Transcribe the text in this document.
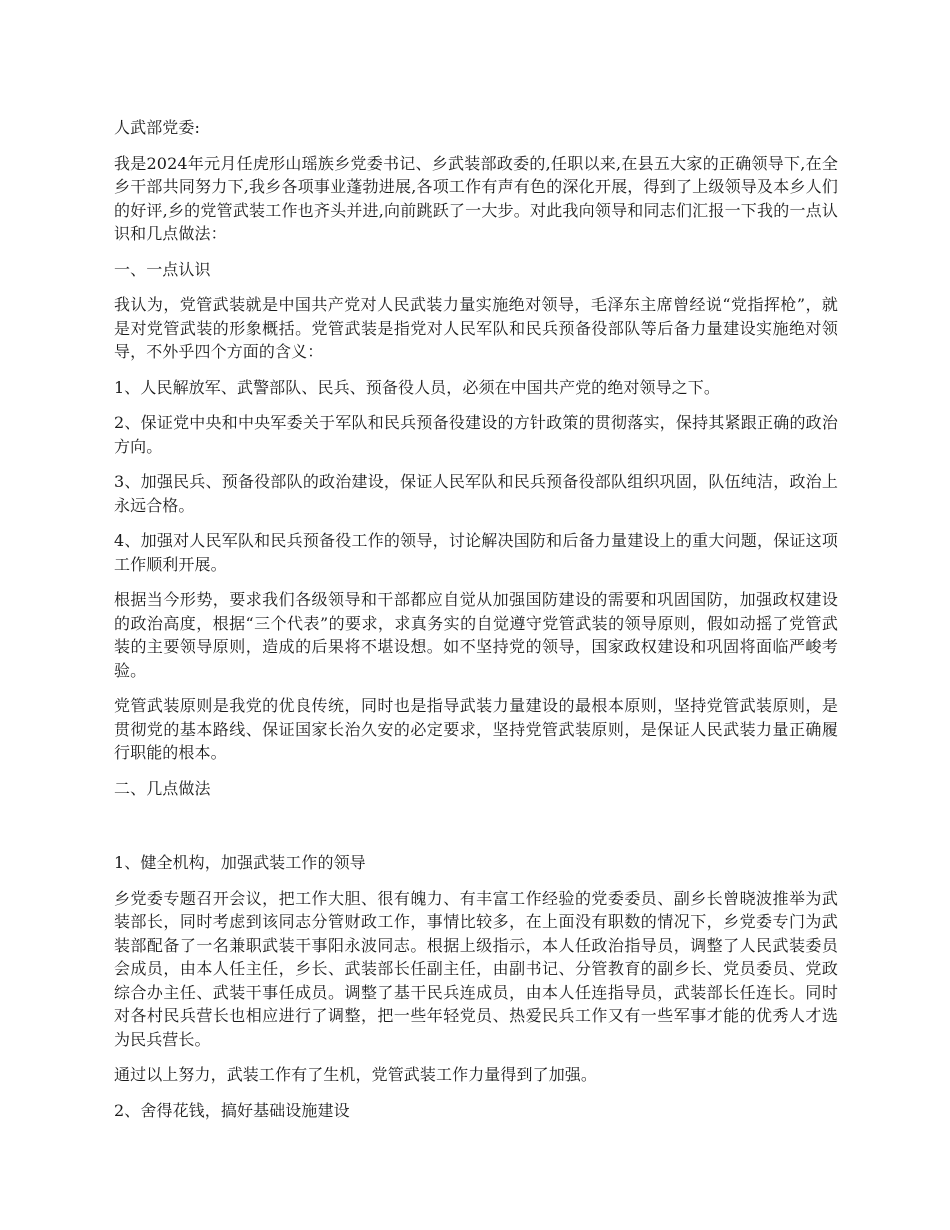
人武部党委:

我是2024年元月任虎形山瑶族乡党委书记、乡武装部政委的,任职以来,在县五大家的正确领导下,在全乡干部共同努力下,我乡各项事业蓬勃进展,各项工作有声有色的深化开展，得到了上级领导及本乡人们的好评,乡的党管武装工作也齐头并进,向前跳跃了一大步。对此我向领导和同志们汇报一下我的一点认识和几点做法：

一、一点认识

我认为，党管武装就是中国共产党对人民武装力量实施绝对领导，毛泽东主席曾经说“党指挥枪”，就是对党管武装的形象概括。党管武装是指党对人民军队和民兵预备役部队等后备力量建设实施绝对领导，不外乎四个方面的含义：

1、人民解放军、武警部队、民兵、预备役人员，必须在中国共产党的绝对领导之下。

2、保证党中央和中央军委关于军队和民兵预备役建设的方针政策的贯彻落实，保持其紧跟正确的政治方向。

3、加强民兵、预备役部队的政治建设，保证人民军队和民兵预备役部队组织巩固，队伍纯洁，政治上永远合格。

4、加强对人民军队和民兵预备役工作的领导，讨论解决国防和后备力量建设上的重大问题，保证这项工作顺利开展。

根据当今形势，要求我们各级领导和干部都应自觉从加强国防建设的需要和巩固国防，加强政权建设的政治高度，根据“三个代表”的要求，求真务实的自觉遵守党管武装的领导原则，假如动摇了党管武装的主要领导原则，造成的后果将不堪设想。如不坚持党的领导，国家政权建设和巩固将面临严峻考验。

党管武装原则是我党的优良传统，同时也是指导武装力量建设的最根本原则，坚持党管武装原则，是贯彻党的基本路线、保证国家长治久安的必定要求，坚持党管武装原则，是保证人民武装力量正确履行职能的根本。

二、几点做法

1、健全机构，加强武装工作的领导

乡党委专题召开会议，把工作大胆、很有魄力、有丰富工作经验的党委委员、副乡长曾晓波推举为武装部长，同时考虑到该同志分管财政工作，事情比较多，在上面没有职数的情况下，乡党委专门为武装部配备了一名兼职武装干事阳永波同志。根据上级指示，本人任政治指导员，调整了人民武装委员会成员，由本人任主任，乡长、武装部长任副主任，由副书记、分管教育的副乡长、党员委员、党政综合办主任、武装干事任成员。调整了基干民兵连成员，由本人任连指导员，武装部长任连长。同时对各村民兵营长也相应进行了调整，把一些年轻党员、热爱民兵工作又有一些军事才能的优秀人才选为民兵营长。

通过以上努力，武装工作有了生机，党管武装工作力量得到了加强。

2、舍得花钱，搞好基础设施建设
